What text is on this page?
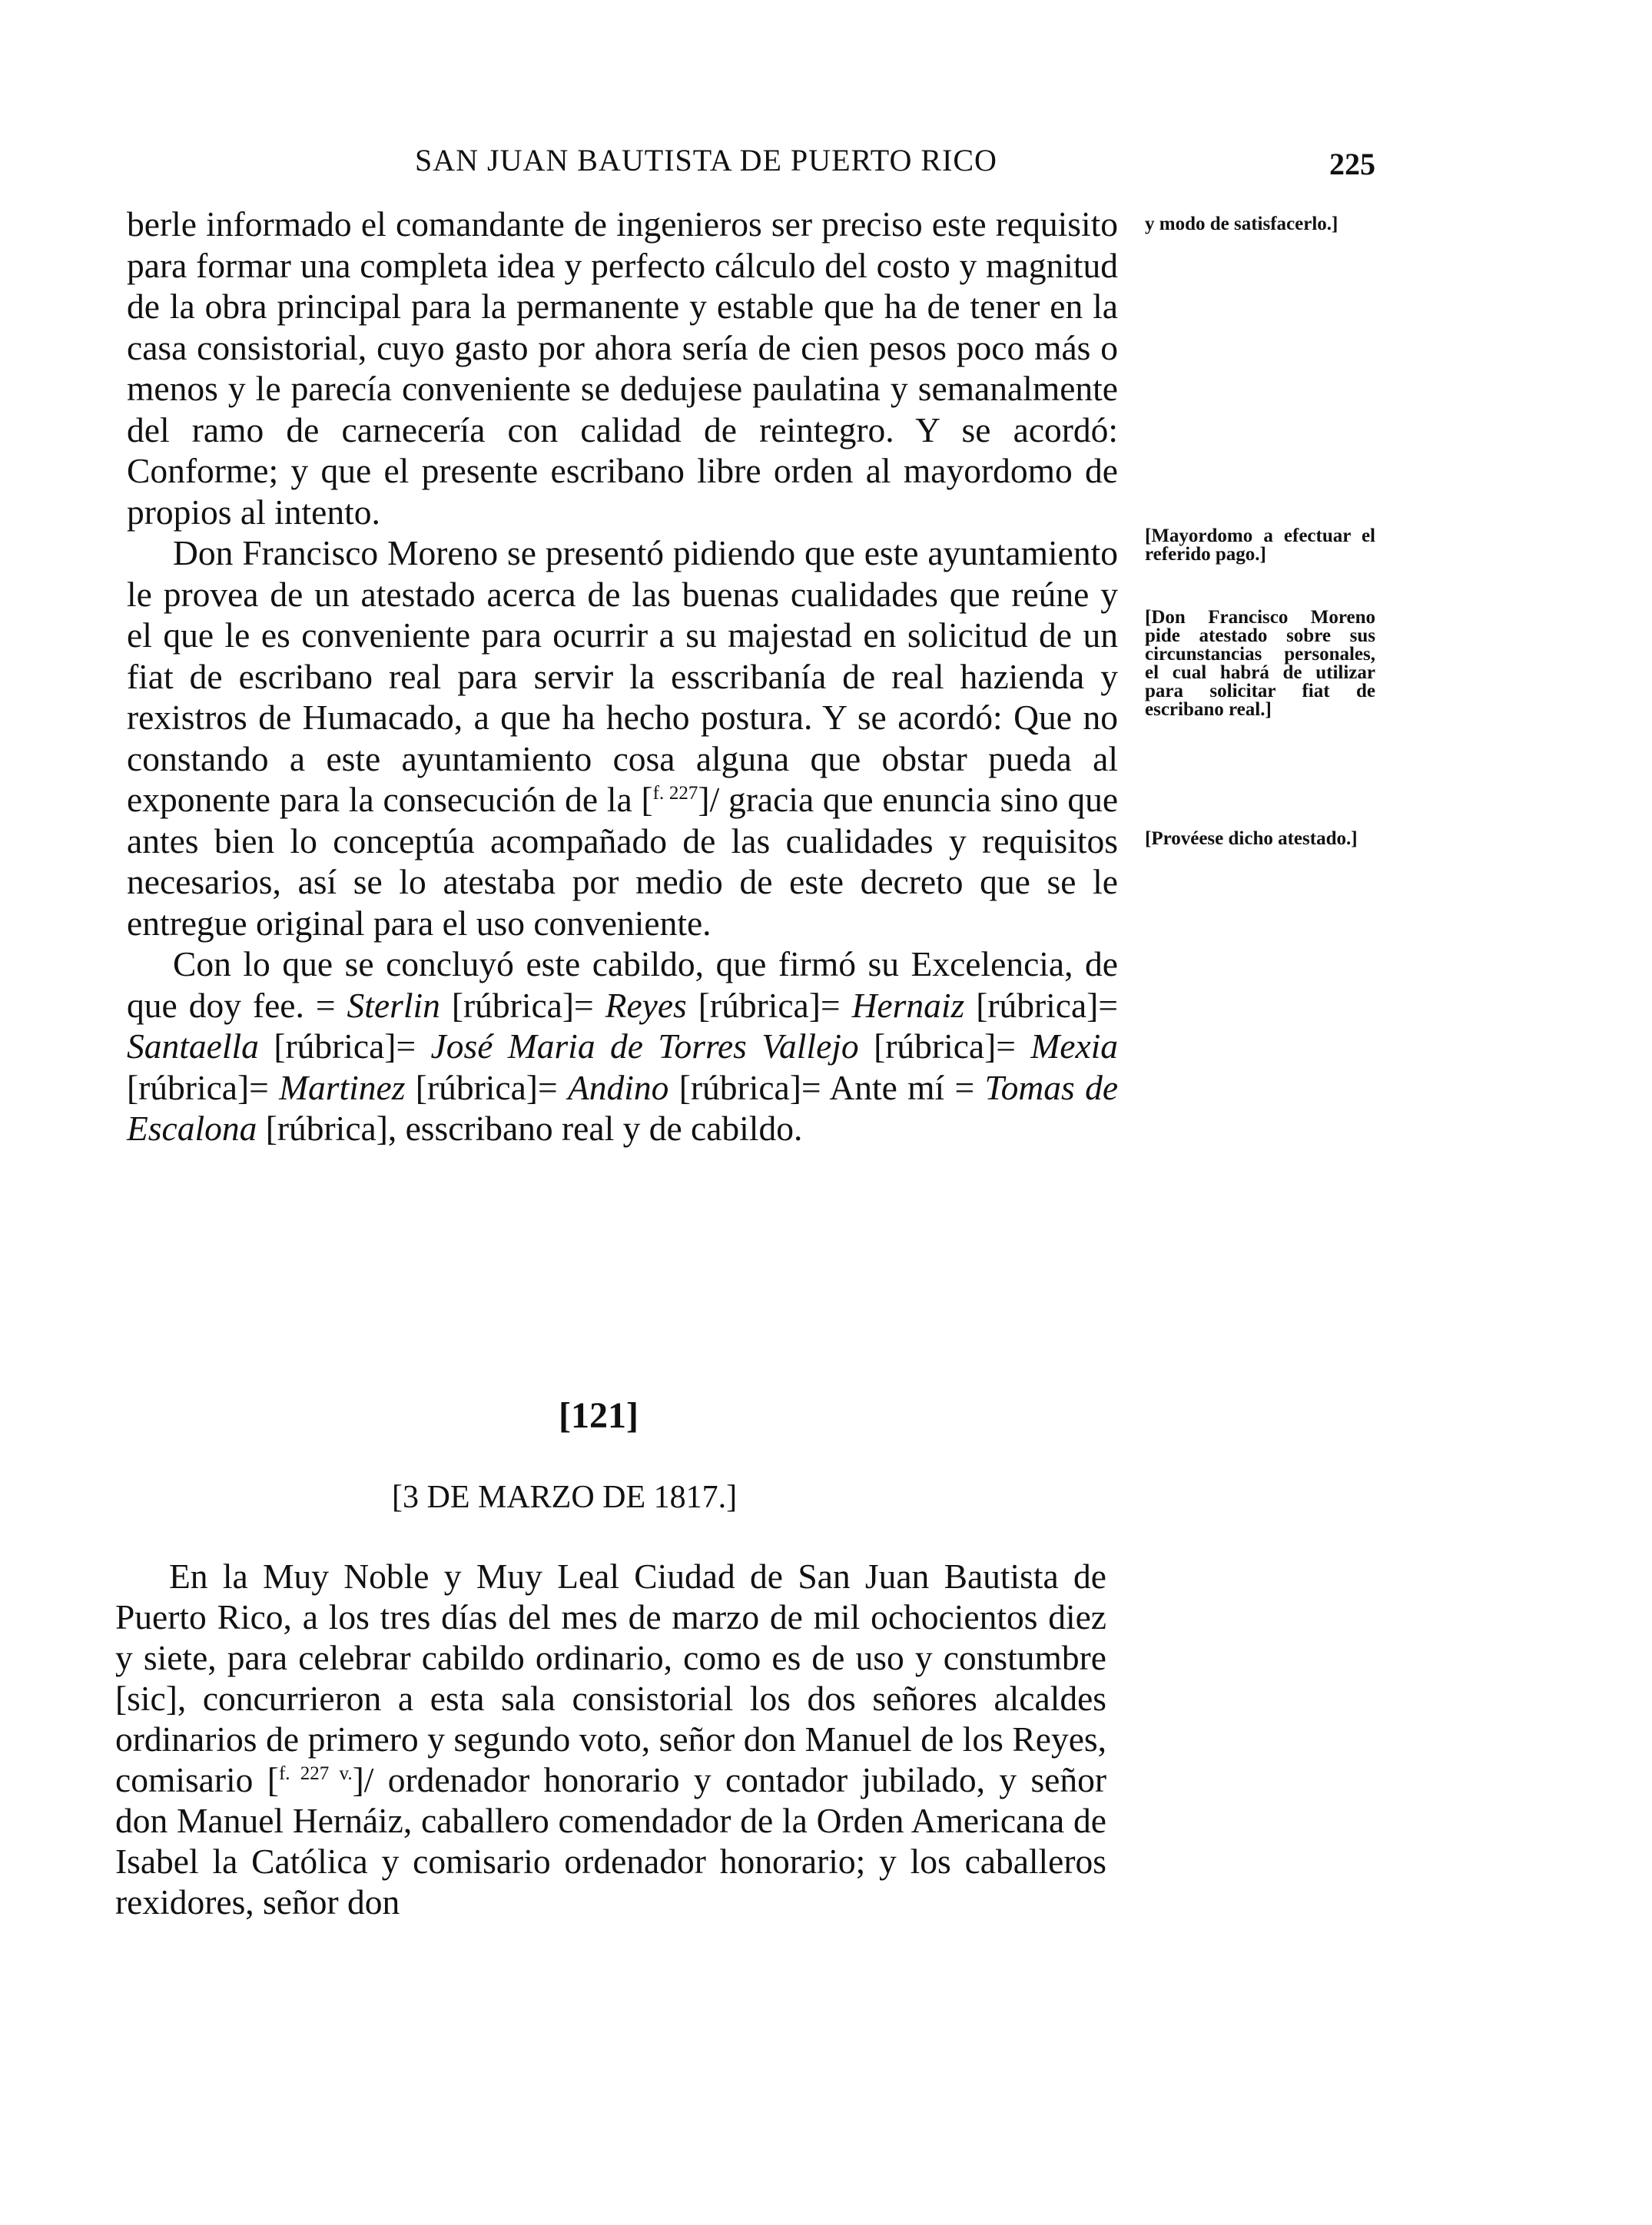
SAN JUAN BAUTISTA DE PUERTO RICO	225

berle informado el comandante de ingenieros ser preciso este requisito para formar una completa idea y perfecto cálculo del costo y magnitud de la obra principal para la permanente y estable que ha de tener en la casa consistorial, cuyo gasto por ahora sería de cien pesos poco más o menos y le parecía conveniente se dedujese paulatina y semanalmente del ramo de carnecería con calidad de reintegro. Y se acordó: Conforme; y que el presente escribano libre orden al mayordomo de propios al intento.

Don Francisco Moreno se presentó pidiendo que este ayuntamiento le provea de un atestado acerca de las buenas cualidades que reúne y el que le es conveniente para ocurrir a su majestad en solicitud de un fiat de escribano real para servir la esscribanía de real hazienda y rexistros de Humacado, a que ha hecho postura. Y se acordó: Que no constando a este ayuntamiento cosa alguna que obstar pueda al exponente para la consecución de la [$^{f. 227}$]/ gracia que enuncia sino que antes bien lo conceptúa acompañado de las cualidades y requisitos necesarios, así se lo atestaba por medio de este decreto que se le entregue original para el uso conveniente.

Con lo que se concluyó este cabildo, que firmó su Excelencia, de que doy fee. = Sterlin [rúbrica]= Reyes [rúbrica]= Hernaiz [rúbrica]= Santaella [rúbrica]= José Maria de Torres Vallejo [rúbrica]= Mexia [rúbrica]= Martinez [rúbrica]= Andino [rúbrica]= Ante mí = Tomas de Escalona [rúbrica], esscribano real y de cabildo.

y modo de satisfacerlo.]
[Mayordomo a efectuar el referido pago.]
[Don Francisco Moreno pide atestado sobre sus circunstancias personales, el cual habrá de utilizar para solicitar fiat de escribano real.]
[Provéese dicho atestado.]
[121]
[3 DE MARZO DE 1817.]

En la Muy Noble y Muy Leal Ciudad de San Juan Bautista de Puerto Rico, a los tres días del mes de marzo de mil ochocientos diez y siete, para celebrar cabildo ordinario, como es de uso y constumbre [sic], concurrieron a esta sala consistorial los dos señores alcaldes ordinarios de primero y segundo voto, señor don Manuel de los Reyes, comisario [$^{f. 227 v.}$]/ ordenador honorario y contador jubilado, y señor don Manuel Hernáiz, caballero comendador de la Orden Americana de Isabel la Católica y comisario ordenador honorario; y los caballeros rexidores, señor don
